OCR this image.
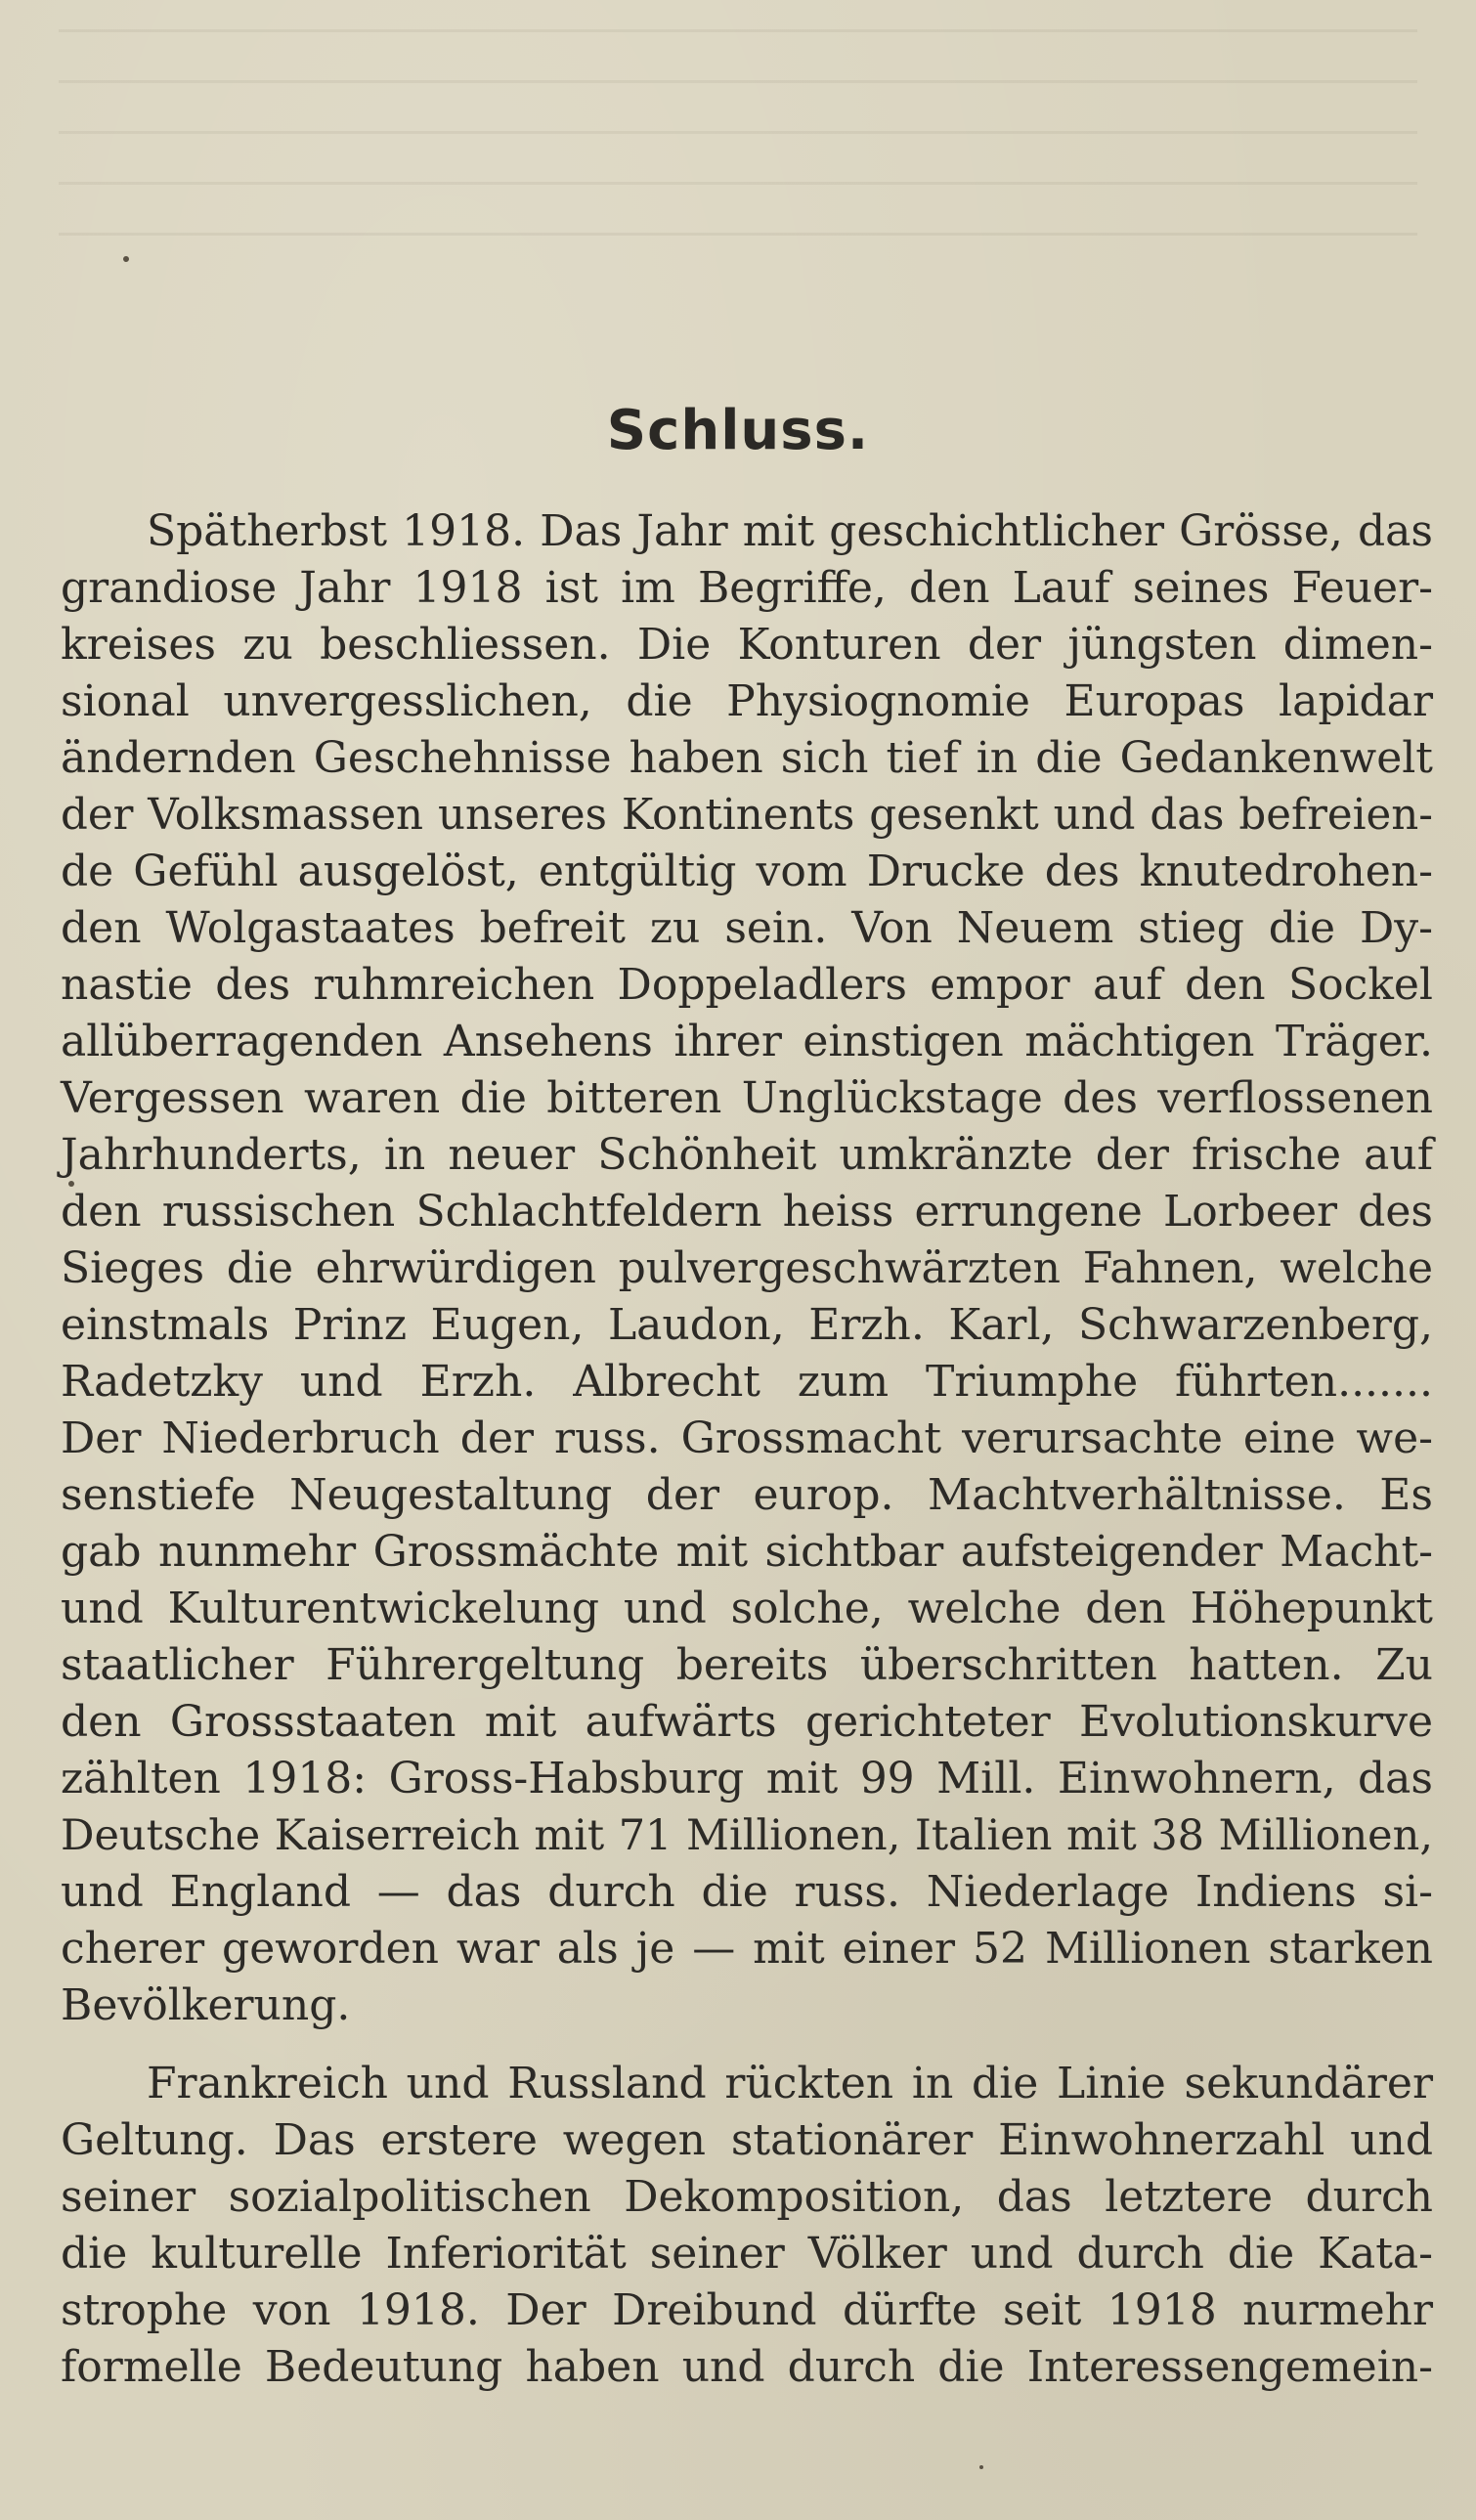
Schluss.
Spätherbst 1918. Das Jahr mit geschichtlicher Grösse, das
grandiose Jahr 1918 ist im Begriffe, den Lauf seines Feuer-
kreises zu beschliessen. Die Konturen der jüngsten dimen-
sional unvergesslichen, die Physiognomie Europas lapidar
ändernden Geschehnisse haben sich tief in die Gedankenwelt
der Volksmassen unseres Kontinents gesenkt und das befreien-
de Gefühl ausgelöst, entgültig vom Drucke des knutedrohen-
den Wolgastaates befreit zu sein. Von Neuem stieg die Dy-
nastie des ruhmreichen Doppeladlers empor auf den Sockel
allüberragenden Ansehens ihrer einstigen mächtigen Träger.
Vergessen waren die bitteren Unglückstage des verflossenen
Jahrhunderts, in neuer Schönheit umkränzte der frische auf
den russischen Schlachtfeldern heiss errungene Lorbeer des
Sieges die ehrwürdigen pulvergeschwärzten Fahnen, welche
einstmals Prinz Eugen, Laudon, Erzh. Karl, Schwarzenberg,
Radetzky und Erzh. Albrecht zum Triumphe führten.......
Der Niederbruch der russ. Grossmacht verursachte eine we-
senstiefe Neugestaltung der europ. Machtverhältnisse. Es
gab nunmehr Grossmächte mit sichtbar aufsteigender Macht-
und Kulturentwickelung und solche, welche den Höhepunkt
staatlicher Führergeltung bereits überschritten hatten. Zu
den Grossstaaten mit aufwärts gerichteter Evolutionskurve
zählten 1918: Gross-Habsburg mit 99 Mill. Einwohnern, das
Deutsche Kaiserreich mit 71 Millionen, Italien mit 38 Millionen,
und England — das durch die russ. Niederlage Indiens si-
cherer geworden war als je — mit einer 52 Millionen starken
Bevölkerung.
Frankreich und Russland rückten in die Linie sekundärer
Geltung. Das erstere wegen stationärer Einwohnerzahl und
seiner sozialpolitischen Dekomposition, das letztere durch
die kulturelle Inferiorität seiner Völker und durch die Kata-
strophe von 1918. Der Dreibund dürfte seit 1918 nurmehr
formelle Bedeutung haben und durch die Interessengemein-
